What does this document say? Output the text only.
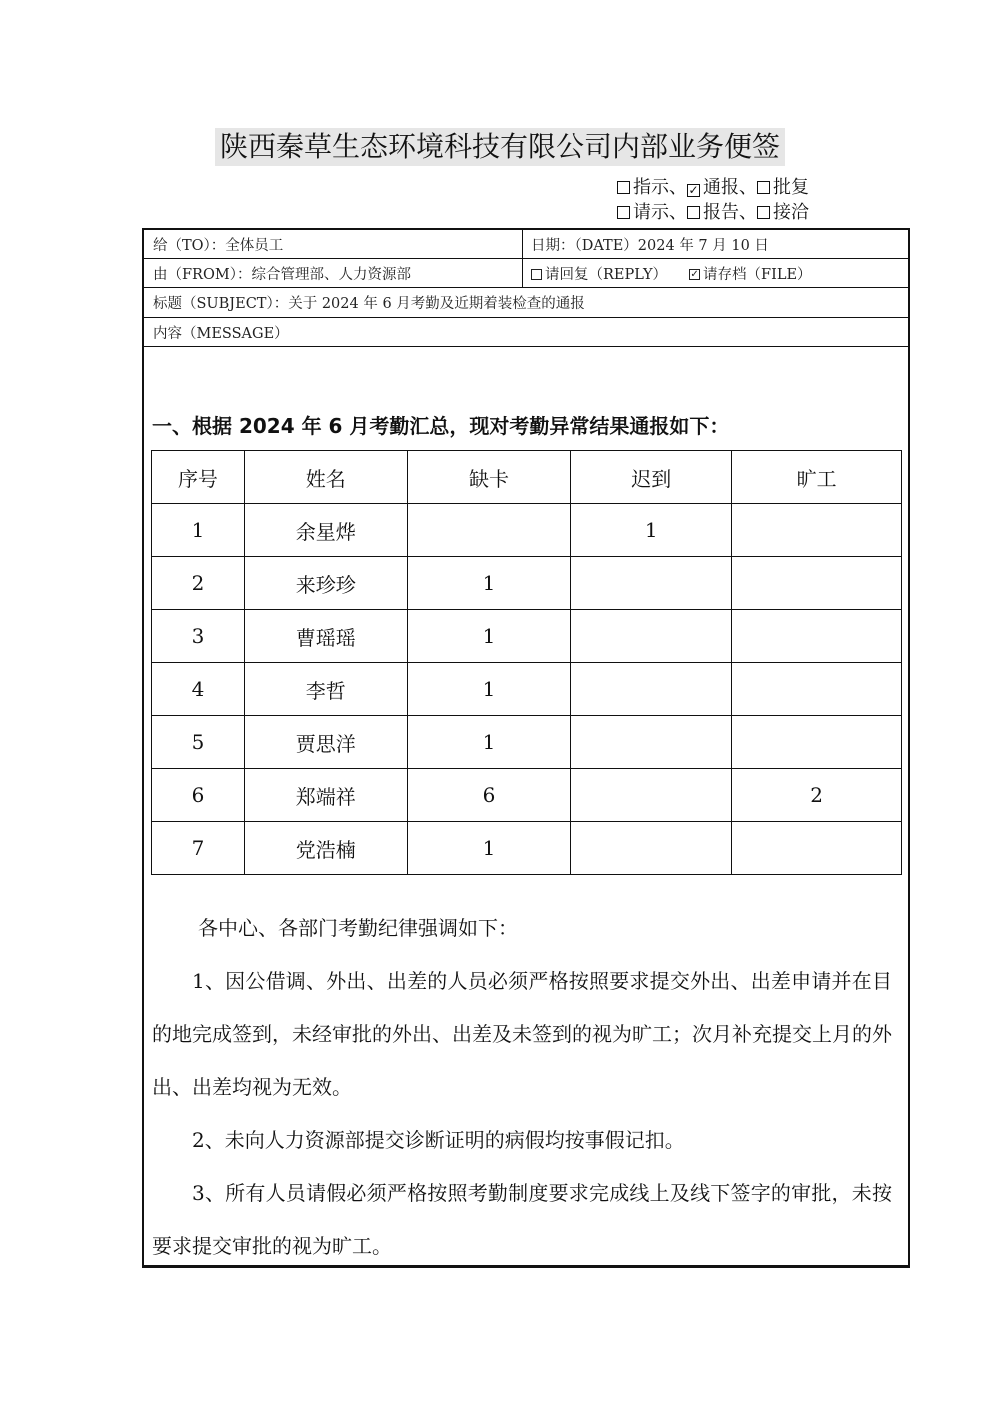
陕西秦草生态环境科技有限公司内部业务便签
指示、✓ 通报、 批复
请示、 报告、 接洽
给（TO）：全体员工	日期：（DATE）2024 年 7 月 10 日
由（FROM）：综合管理部、人力资源部	请回复（REPLY） ✓ 请存档（FILE）
标题（SUBJECT）：关于 2024 年 6 月考勤及近期着装检查的通报
内容（MESSAGE）
一、根据 2024 年 6 月考勤汇总，现对考勤异常结果通报如下：
序号	姓名	缺卡	迟到	旷工
1	余星烨		1	
2	来珍珍	1		
3	曹瑶瑶	1		
4	李哲	1		
5	贾思洋	1		
6	郑端祥	6		2
7	党浩楠	1		

各中心、各部门考勤纪律强调如下：

1、因公借调、外出、出差的人员必须严格按照要求提交外出、出差申请并在目的地完成签到，未经审批的外出、出差及未签到的视为旷工；次月补充提交上月的外出、出差均视为无效。

2、未向人力资源部提交诊断证明的病假均按事假记扣。

3、所有人员请假必须严格按照考勤制度要求完成线上及线下签字的审批，未按要求提交审批的视为旷工。
